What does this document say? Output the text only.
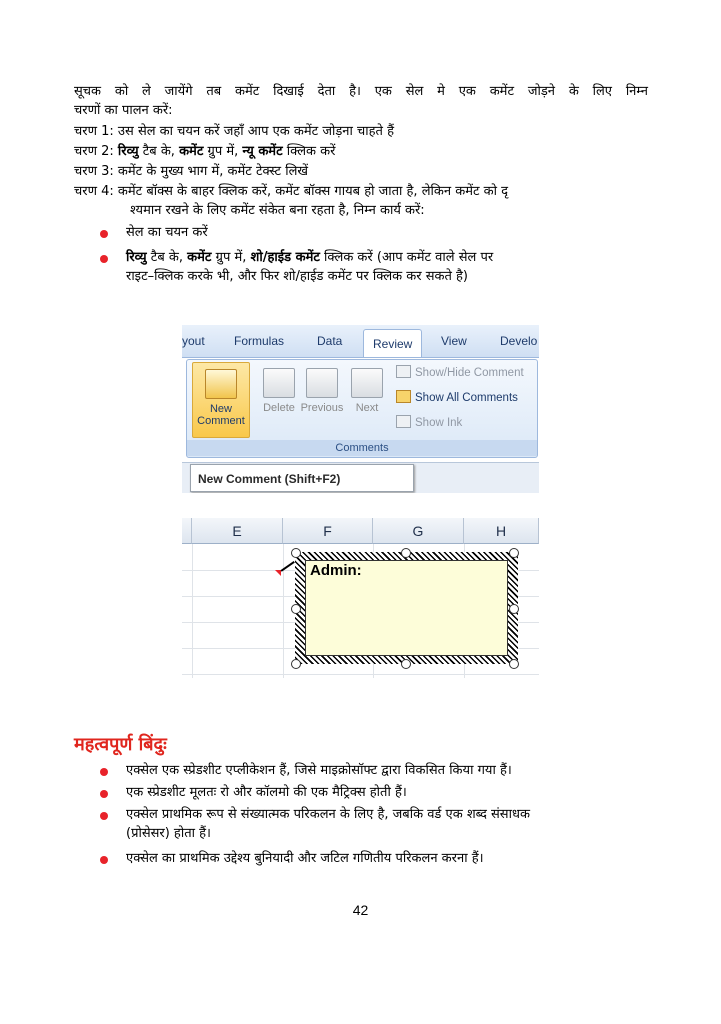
सूचक को ले जायेंगे तब कमेंट दिखाई देता है। एक सेल मे एक कमेंट जोड़ने के लिए निम्न
चरणों का पालन करें:
चरण 1: उस सेल का चयन करें जहाँ आप एक कमेंट जोड़ना चाहते हैं
चरण 2: रिव्यु टैब के, कमेंट ग्रुप में, न्यू कमेंट क्लिक करें
चरण 3: कमेंट के मुख्य भाग में, कमेंट टेक्स्ट लिखें
चरण 4: कमेंट बॉक्स के बाहर क्लिक करें, कमेंट बॉक्स गायब हो जाता है, लेकिन कमेंट को दृ
श्यमान रखने के लिए कमेंट संकेत बना रहता है, निम्न कार्य करें:
सेल का चयन करें
रिव्यु टैब के, कमेंट ग्रुप में, शो/हाईड कमेंट क्लिक करें (आप कमेंट वाले सेल पर
राइट–क्लिक करके भी, और फिर शो/हाईड कमेंट पर क्लिक कर सकते है)
yout Formulas	Data	Review	View	Develo
New
Comment
Delete Previous	Next
Show/Hide Comment
Show All Comments
Show Ink
Comments
New Comment (Shift+F2)
E	F	G	H
Admin:
महत्वपूर्ण बिंदुः
एक्सेल एक स्प्रेडशीट एप्लीकेशन हैं, जिसे माइक्रोसॉफ्ट द्वारा विकसित किया गया हैं।
एक स्प्रेडशीट मूलतः रो और कॉलमो की एक मैट्रिक्स होती हैं।
एक्सेल प्राथमिक रूप से संख्यात्मक परिकलन के लिए है, जबकि वर्ड एक शब्द संसाधक
(प्रोसेसर) होता हैं।
एक्सेल का प्राथमिक उद्देश्य बुनियादी और जटिल गणितीय परिकलन करना हैं।
42
